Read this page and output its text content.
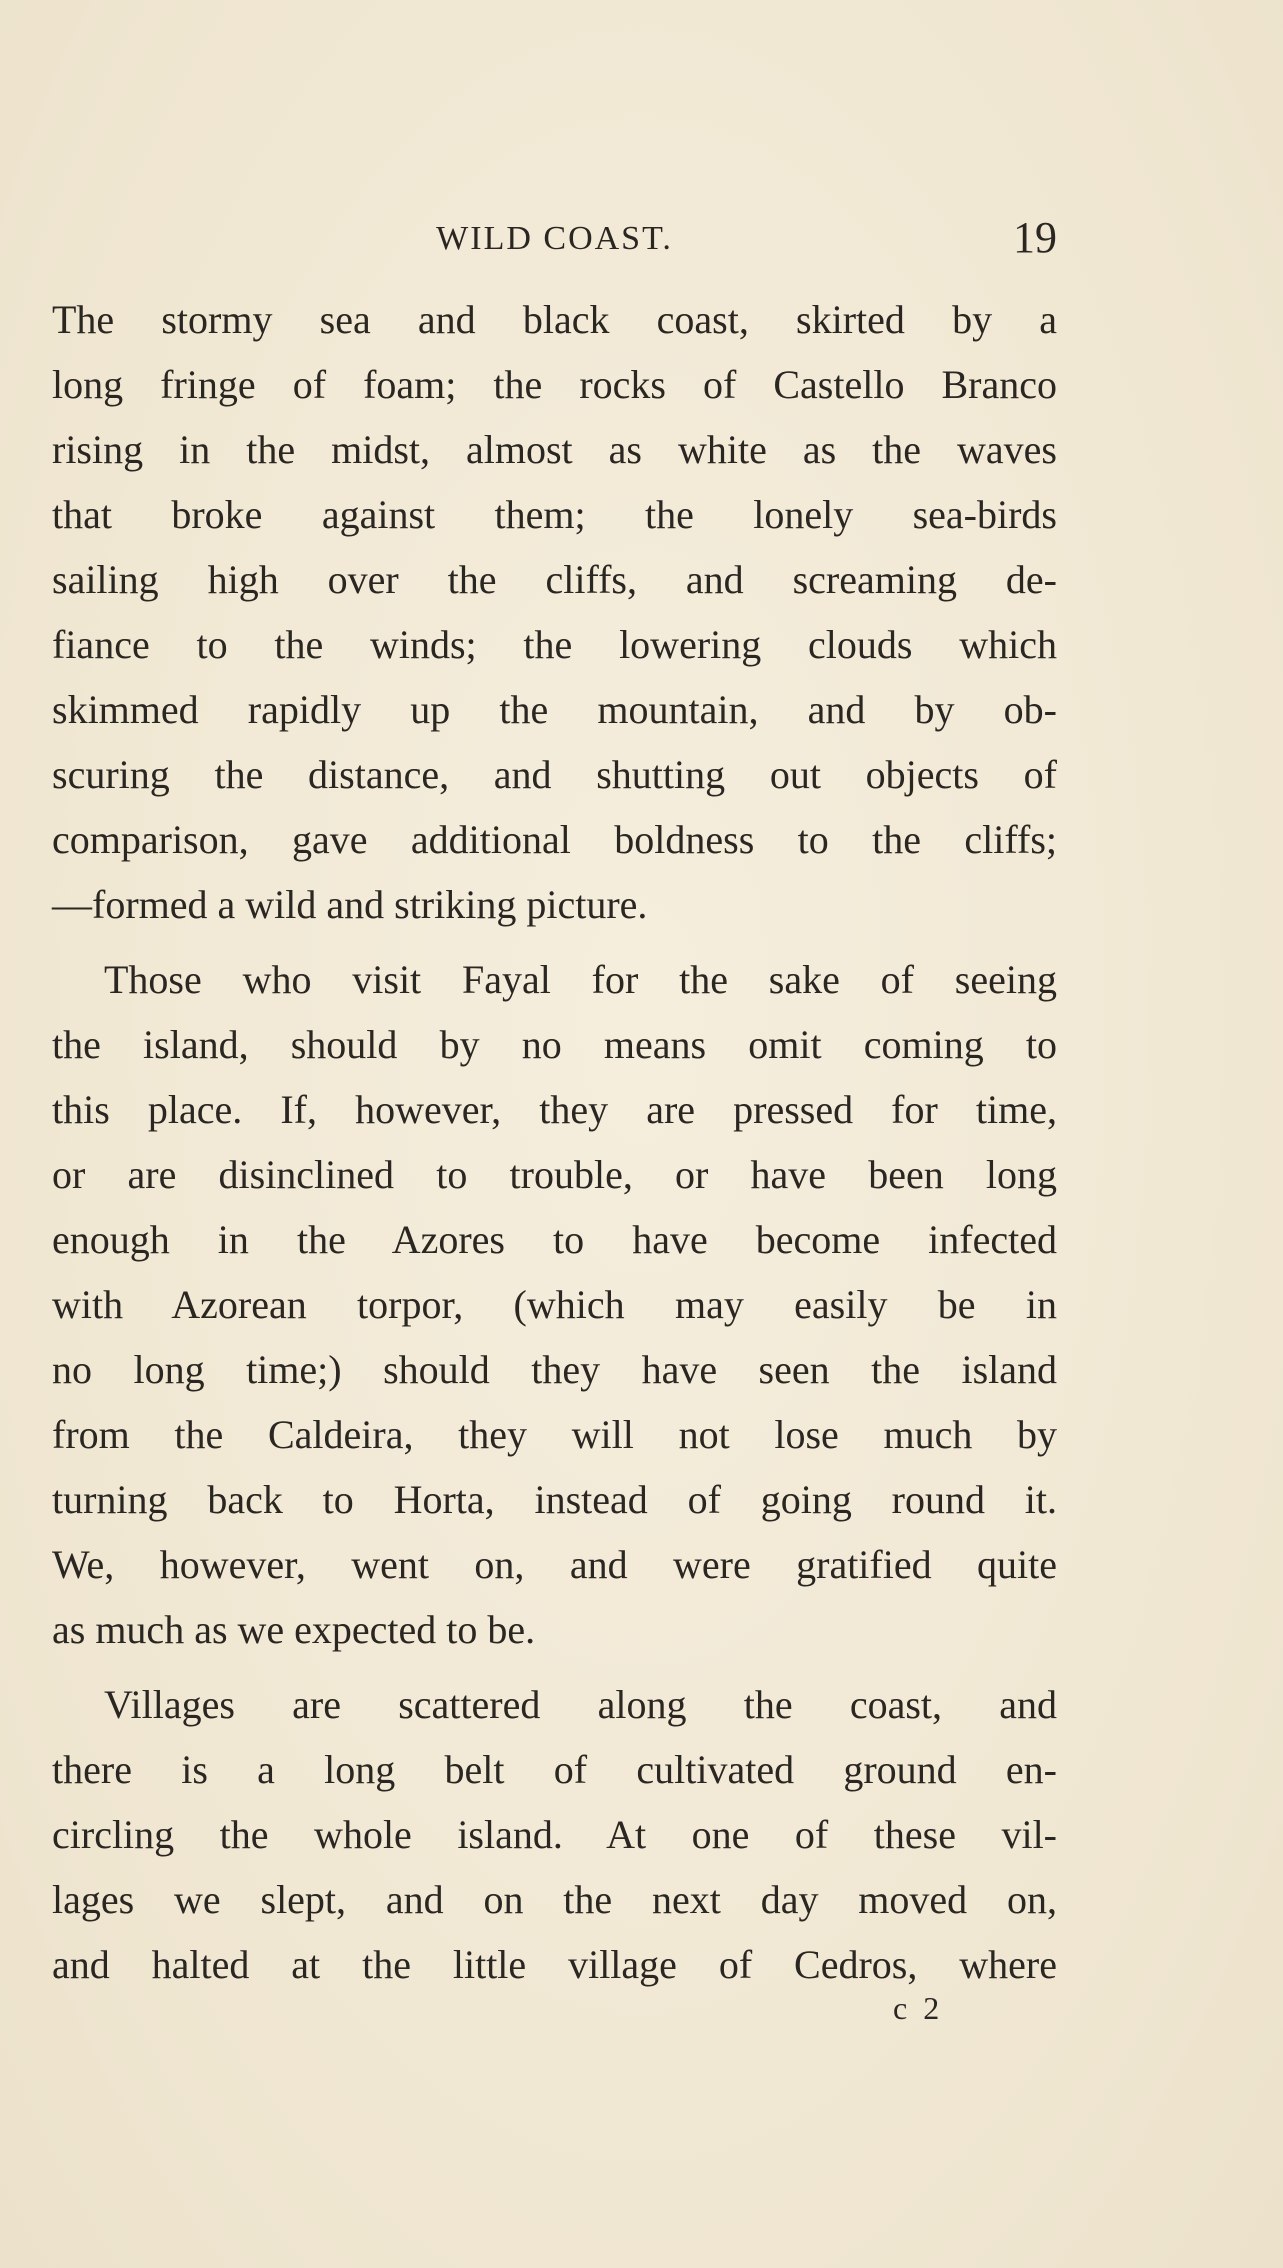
WILD COAST.	19
The stormy sea and black coast, skirted by a
long fringe of foam; the rocks of Castello Branco
rising in the midst, almost as white as the waves
that broke against them; the lonely sea-birds
sailing high over the cliffs, and screaming de-
fiance to the winds; the lowering clouds which
skimmed rapidly up the mountain, and by ob-
scuring the distance, and shutting out objects of
comparison, gave additional boldness to the cliffs;
—formed a wild and striking picture.
Those who visit Fayal for the sake of seeing
the island, should by no means omit coming to
this place. If, however, they are pressed for time,
or are disinclined to trouble, or have been long
enough in the Azores to have become infected
with Azorean torpor, (which may easily be in
no long time;) should they have seen the island
from the Caldeira, they will not lose much by
turning back to Horta, instead of going round it.
We, however, went on, and were gratified quite
as much as we expected to be.
Villages are scattered along the coast, and
there is a long belt of cultivated ground en-
circling the whole island. At one of these vil-
lages we slept, and on the next day moved on,
and halted at the little village of Cedros, where
c 2
